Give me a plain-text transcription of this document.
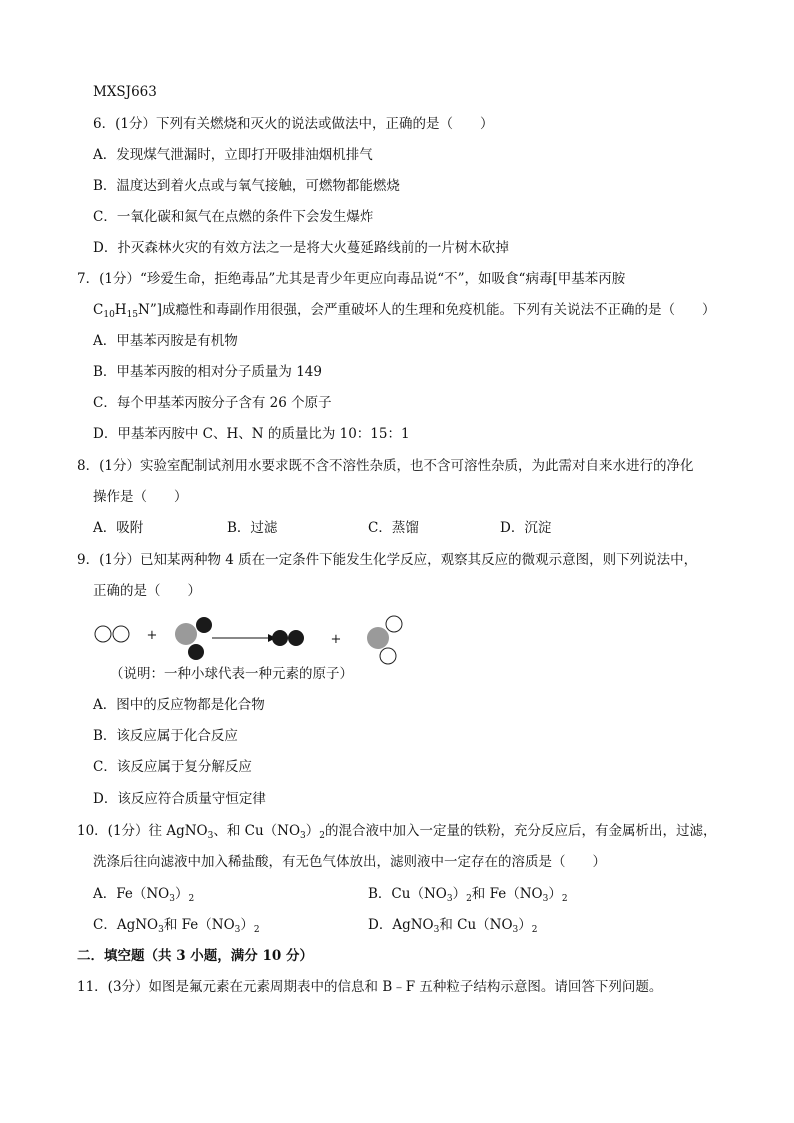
MXSJ663
6．(1分）下列有关燃烧和灭火的说法或做法中，正确的是（　　）
A．发现煤气泄漏时，立即打开吸排油烟机排气
B．温度达到着火点或与氧气接触，可燃物都能燃烧
C．一氧化碳和氮气在点燃的条件下会发生爆炸
D．扑灭森林火灾的有效方法之一是将大火蔓延路线前的一片树木砍掉
7．(1分）“珍爱生命，拒绝毒品”尤其是青少年更应向毒品说“不”，如吸食“病毒[甲基苯丙胺
$C_{10}H_{15}N$”]成瘾性和毒副作用很强，会严重破坏人的生理和免疫机能。下列有关说法不正确的是（　　）
A．甲基苯丙胺是有机物
B．甲基苯丙胺的相对分子质量为 149
C．每个甲基苯丙胺分子含有 26 个原子
D．甲基苯丙胺中 C、H、N 的质量比为 10：15：1
8．(1分）实验室配制试剂用水要求既不含不溶性杂质，也不含可溶性杂质，为此需对自来水进行的净化
操作是（　　）
A．吸附	B．过滤	C．蒸馏	D．沉淀
9．(1分）已知某两种物 4 质在一定条件下能发生化学反应，观察其反应的微观示意图，则下列说法中，
正确的是（　　）
+	+
（说明：一种小球代表一种元素的原子）
A．图中的反应物都是化合物
B．该反应属于化合反应
C．该反应属于复分解反应
D．该反应符合质量守恒定律
10．(1分）往 AgNO$_3$、和 $Cu(NO_3)_2$的混合液中加入一定量的铁粉，充分反应后，有金属析出，过滤，
洗涤后往向滤液中加入稀盐酸，有无色气体放出，滤则液中一定存在的溶质是（　　）
A．$Fe(NO_3)_2$	B．$Cu(NO_3)_2$和 $Fe(NO_3)_2$
C．AgNO$_3$和 $Fe(NO_3)_2$	D．AgNO$_3$和 $Cu(NO_3)_2$
二．填空题（共 3 小题，满分 10 分）
11．(3分）如图是氟元素在元素周期表中的信息和 B﹣F 五种粒子结构示意图。请回答下列问题。
